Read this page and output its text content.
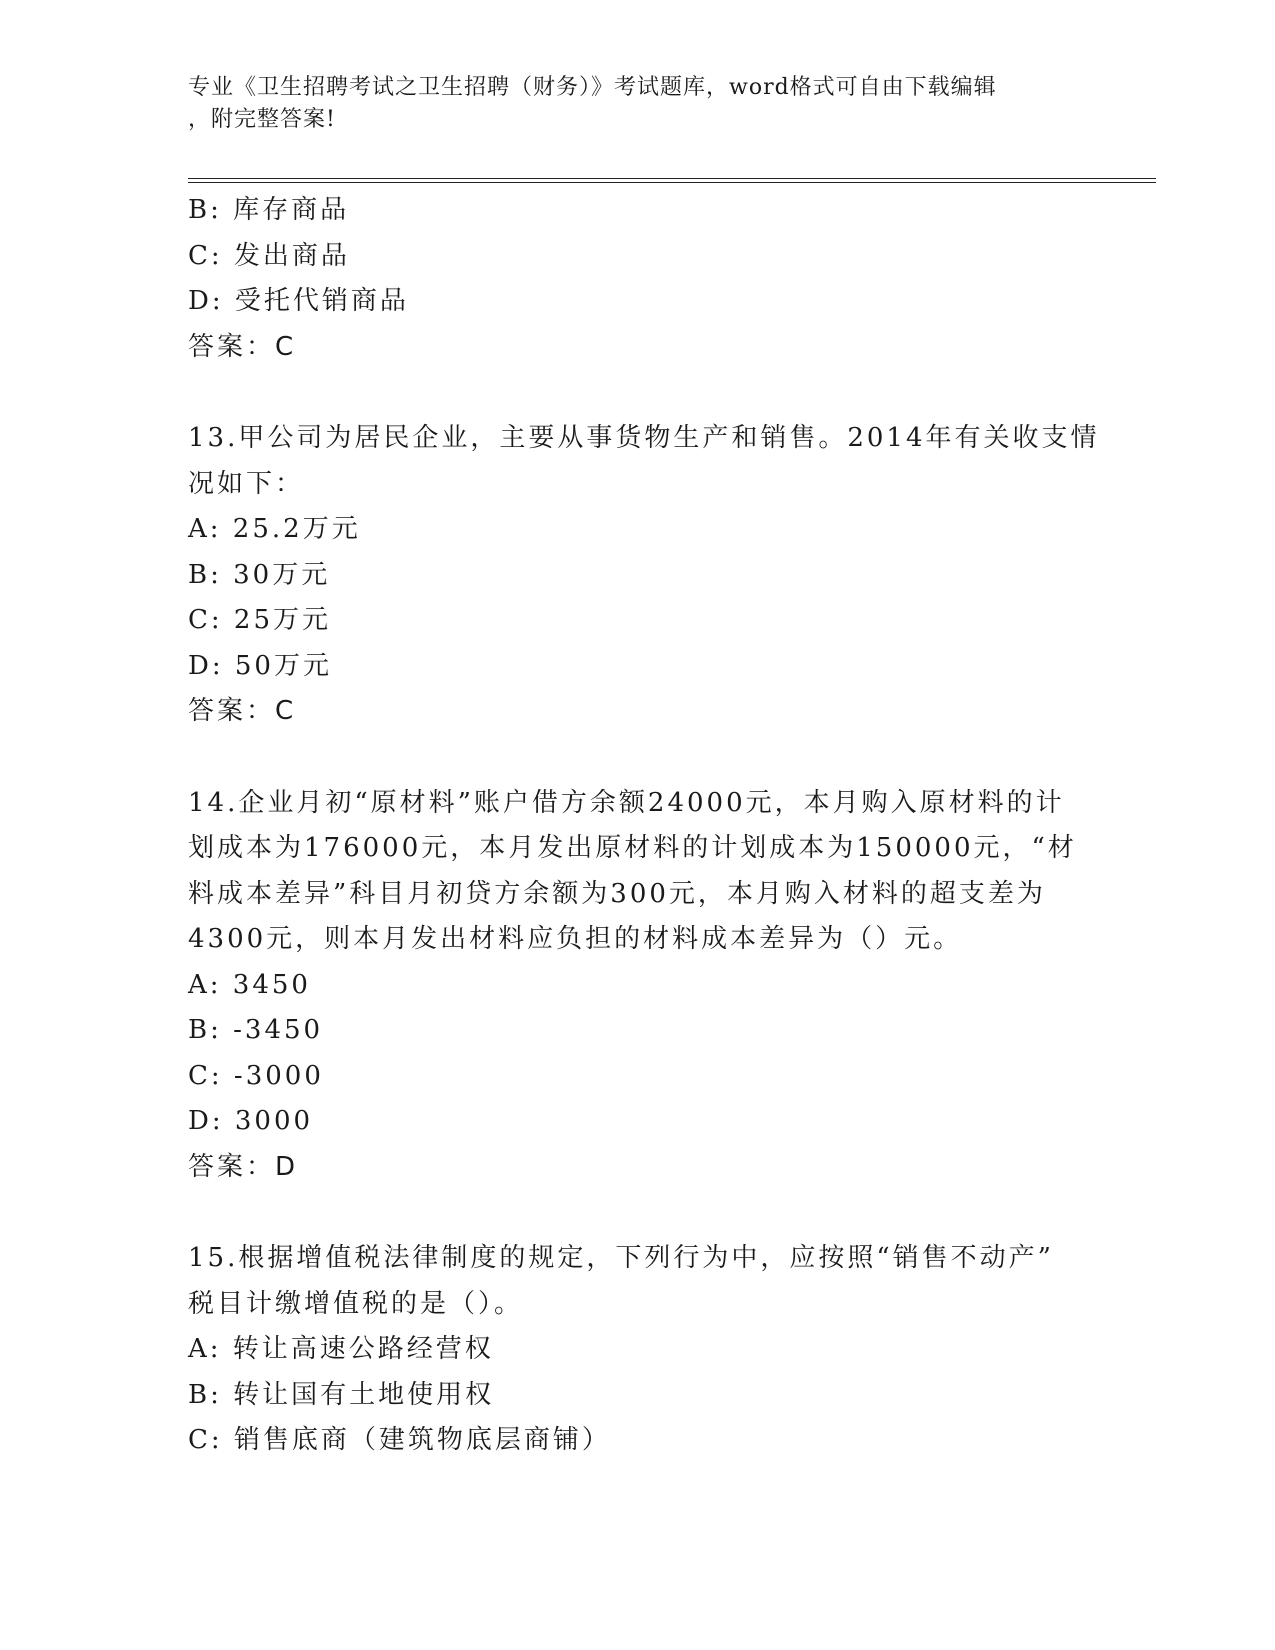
专业《卫生招聘考试之卫生招聘（财务）》考试题库，word格式可自由下载编辑
，附完整答案!
B: 库存商品
C: 发出商品
D: 受托代销商品
答案：C
13.甲公司为居民企业，主要从事货物生产和销售。2014年有关收支情
况如下：
A: 25.2万元
B: 30万元
C: 25万元
D: 50万元
答案：C
14.企业月初“原材料”账户借方余额24000元，本月购入原材料的计
划成本为176000元，本月发出原材料的计划成本为150000元，“材
料成本差异”科目月初贷方余额为300元，本月购入材料的超支差为
4300元，则本月发出材料应负担的材料成本差异为（）元。
A: 3450
B: -3450
C: -3000
D: 3000
答案：D
15.根据增值税法律制度的规定，下列行为中，应按照“销售不动产”
税目计缴增值税的是（）。
A: 转让高速公路经营权
B: 转让国有土地使用权
C: 销售底商（建筑物底层商铺）
